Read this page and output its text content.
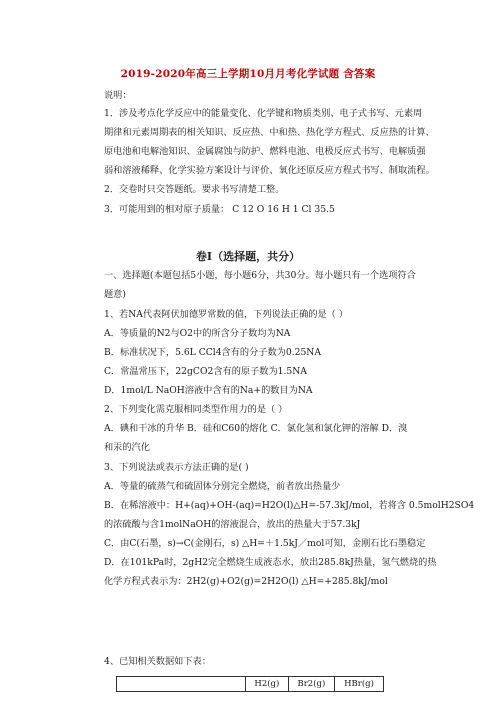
2019-2020年高三上学期10月月考化学试题 含答案
说明：
1．涉及考点化学反应中的能量变化、化学键和物质类别、电子式书写、元素周
期律和元素周期表的相关知识、反应热、中和热、热化学方程式、反应热的计算、
原电池和电解池知识、金属腐蚀与防护、燃料电池、电极反应式书写、电解质强
弱和溶液稀释、化学实验方案设计与评价、氧化还原反应方程式书写、制取流程。
2．交卷时只交答题纸。要求书写清楚工整。
3．可能用到的相对原子质量： C 12 O 16 H 1 Cl 35.5
卷Ⅰ（选择题，共分）
一、选择题(本题包括5小题，每小题6分，共30分。每小题只有一个选项符合
题意)
1、若NA代表阿伏加德罗常数的值，下列说法正确的是（ ）
A．等质量的N2与O2中的所含分子数均为NA
B．标准状况下，5.6L CCl4含有的分子数为0.25NA
C．常温常压下，22gCO2含有的原子数为1.5NA
D．1mol/L NaOH溶液中含有的Na+的数目为NA
2、下列变化需克服相同类型作用力的是（ ）
A．碘和干冰的升华 B．硅和C60的熔化 C．氯化氢和氯化钾的溶解 D．溴
和汞的汽化
3、下列说法或表示方法正确的是( )
A．等量的硫蒸气和硫固体分别完全燃烧，前者放出热量少
B．在稀溶液中：H+(aq)+OH-(aq)=H2O(l)△H=-57.3kJ/mol，若将含 0.5molH2SO4
的浓硫酸与含1molNaOH的溶液混合，放出的热量大于57.3kJ
C．由C(石墨，s)→C(金刚石，s) △H=＋1.5kJ／mol可知，金刚石比石墨稳定
D．在101kPa时，2gH2完全燃烧生成液态水，放出285.8kJ热量，氢气燃烧的热
化学方程式表示为：2H2(g)+O2(g)=2H2O(l) △H=+285.8kJ/mol
4、已知相关数据如下表：
	H2(g)	Br2(g)	HBr(g)
